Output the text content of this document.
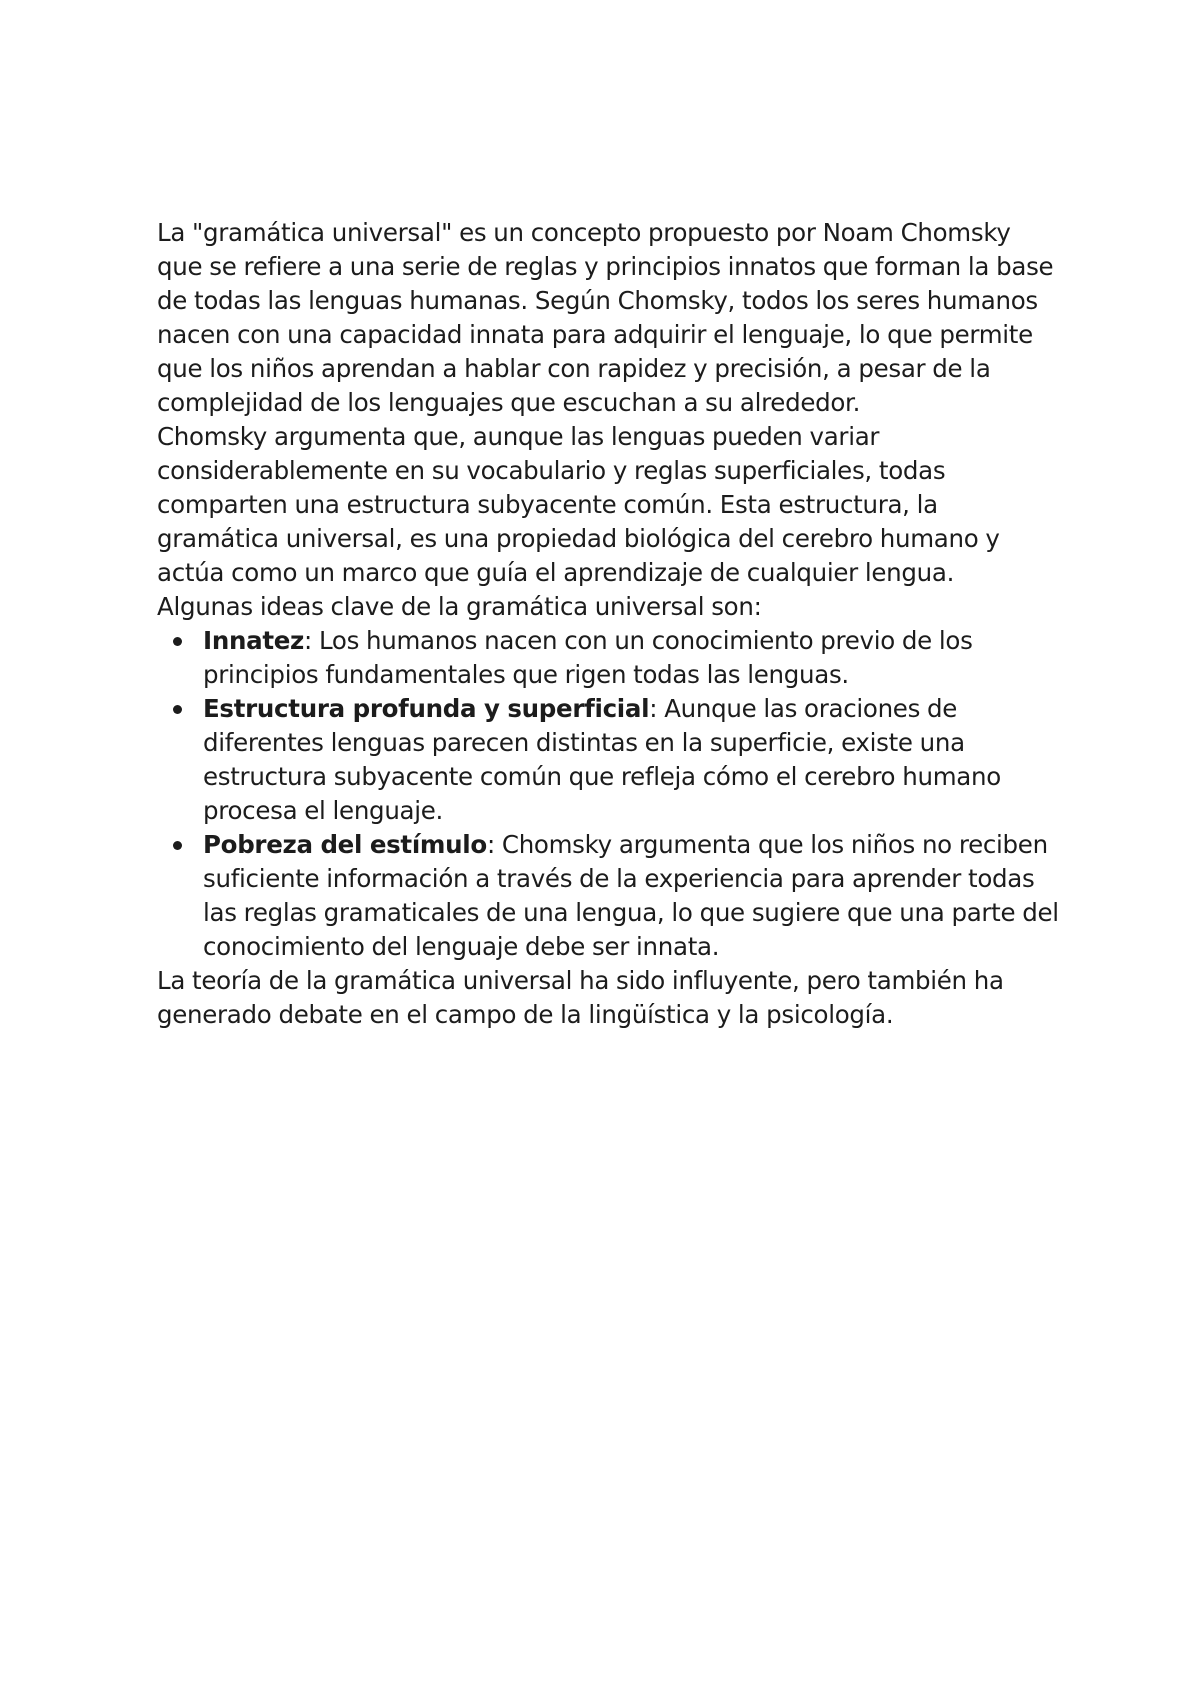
La "gramática universal" es un concepto propuesto por Noam Chomsky que se refiere a una serie de reglas y principios innatos que forman la base de todas las lenguas humanas. Según Chomsky, todos los seres humanos nacen con una capacidad innata para adquirir el lenguaje, lo que permite que los niños aprendan a hablar con rapidez y precisión, a pesar de la complejidad de los lenguajes que escuchan a su alrededor.

Chomsky argumenta que, aunque las lenguas pueden variar considerablemente en su vocabulario y reglas superficiales, todas comparten una estructura subyacente común. Esta estructura, la gramática universal, es una propiedad biológica del cerebro humano y actúa como un marco que guía el aprendizaje de cualquier lengua.

Algunas ideas clave de la gramática universal son:

Innatez: Los humanos nacen con un conocimiento previo de los principios fundamentales que rigen todas las lenguas.
Estructura profunda y superficial: Aunque las oraciones de diferentes lenguas parecen distintas en la superficie, existe una estructura subyacente común que refleja cómo el cerebro humano procesa el lenguaje.
Pobreza del estímulo: Chomsky argumenta que los niños no reciben suficiente información a través de la experiencia para aprender todas las reglas gramaticales de una lengua, lo que sugiere que una parte del conocimiento del lenguaje debe ser innata.

La teoría de la gramática universal ha sido influyente, pero también ha generado debate en el campo de la lingüística y la psicología.
